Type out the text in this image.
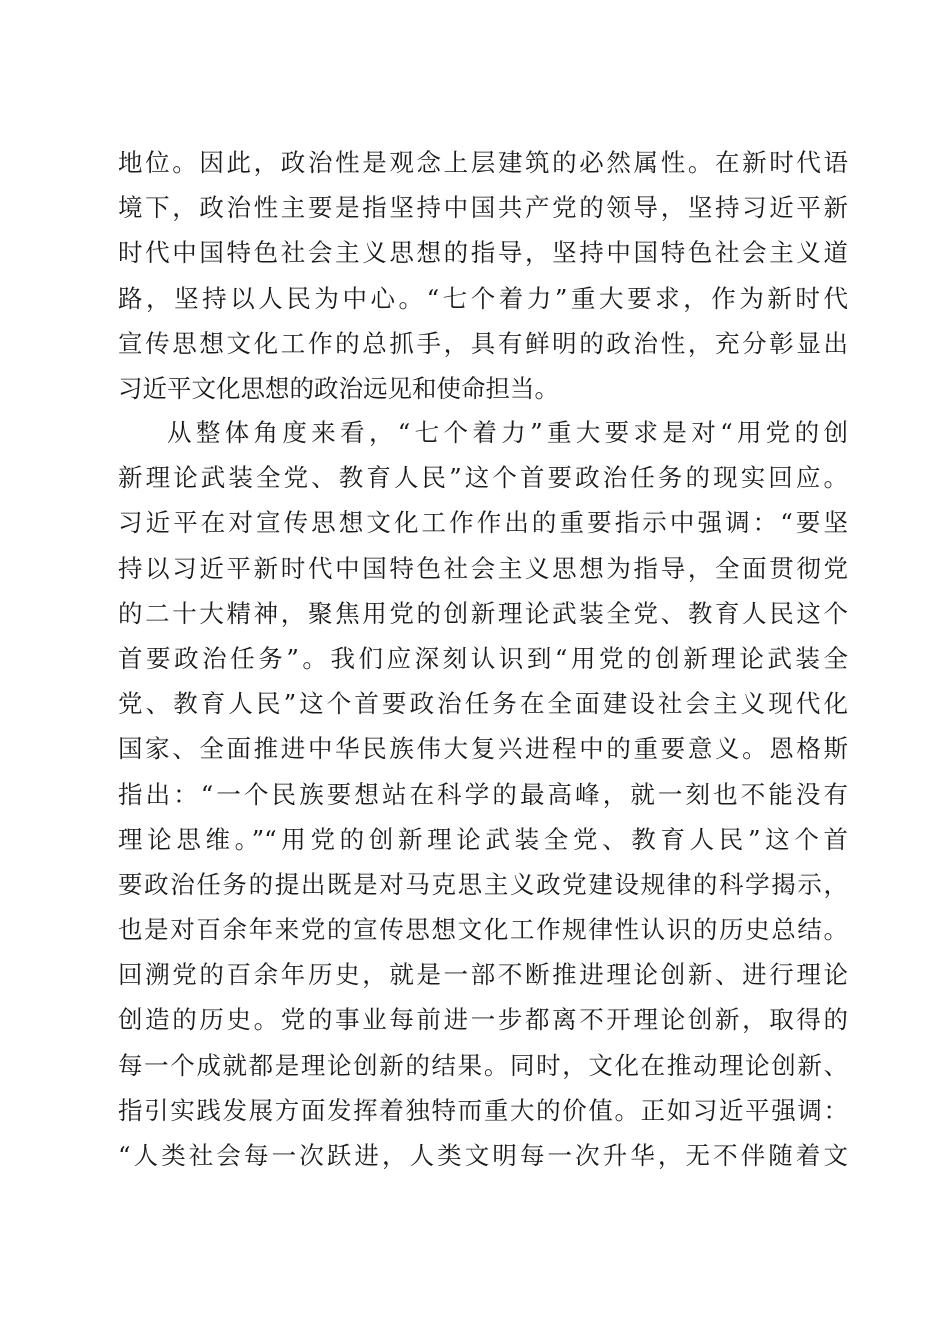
地位。因此，政治性是观念上层建筑的必然属性。在新时代语
境下，政治性主要是指坚持中国共产党的领导，坚持习近平新
时代中国特色社会主义思想的指导，坚持中国特色社会主义道
路，坚持以人民为中心。“七个着力”重大要求，作为新时代
宣传思想文化工作的总抓手，具有鲜明的政治性，充分彰显出
习近平文化思想的政治远见和使命担当。
从整体角度来看，“七个着力”重大要求是对“用党的创
新理论武装全党、教育人民”这个首要政治任务的现实回应。
习近平在对宣传思想文化工作作出的重要指示中强调：“要坚
持以习近平新时代中国特色社会主义思想为指导，全面贯彻党
的二十大精神，聚焦用党的创新理论武装全党、教育人民这个
首要政治任务”。我们应深刻认识到“用党的创新理论武装全
党、教育人民”这个首要政治任务在全面建设社会主义现代化
国家、全面推进中华民族伟大复兴进程中的重要意义。恩格斯
指出：“一个民族要想站在科学的最高峰，就一刻也不能没有
理论思维。”“用党的创新理论武装全党、教育人民”这个首
要政治任务的提出既是对马克思主义政党建设规律的科学揭示，
也是对百余年来党的宣传思想文化工作规律性认识的历史总结。
回溯党的百余年历史，就是一部不断推进理论创新、进行理论
创造的历史。党的事业每前进一步都离不开理论创新，取得的
每一个成就都是理论创新的结果。同时，文化在推动理论创新、
指引实践发展方面发挥着独特而重大的价值。正如习近平强调：
“人类社会每一次跃进，人类文明每一次升华，无不伴随着文
